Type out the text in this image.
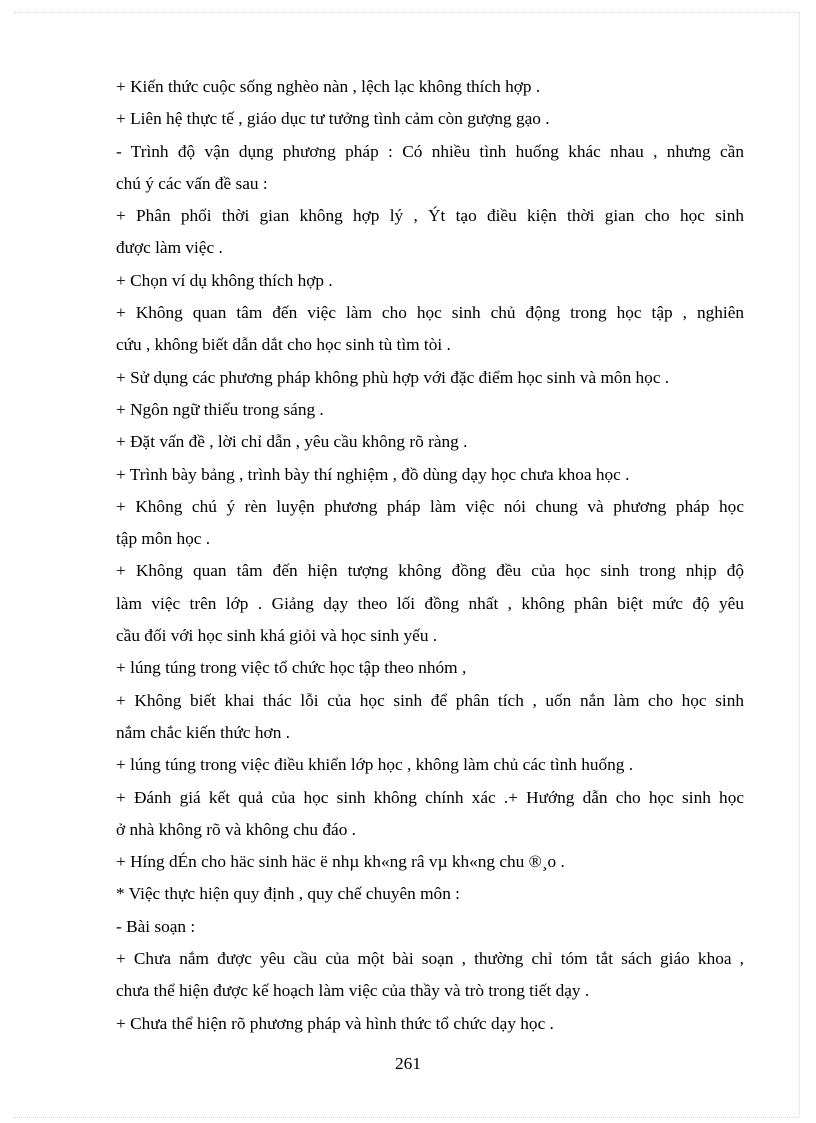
+ Kiến thức cuộc sống nghèo nàn , lệch lạc không thích hợp .
+ Liên hệ thực tế , giáo dục tư tưởng tình cảm còn gượng gạo .
- Trình độ vận dụng phương pháp : Có nhiều tình huống khác nhau , nhưng cần
chú ý các vấn đề sau :
+ Phân phối thời gian không hợp lý , Ýt tạo điều kiện thời gian cho học sinh
được làm việc .
+ Chọn ví dụ không thích hợp .
+ Không quan tâm đến việc làm cho học sinh chủ động trong học tập , nghiên
cứu , không biết dẫn dắt cho học sinh tù tìm tòi .
+ Sử dụng các phương pháp không phù hợp với đặc điểm học sinh và môn học .
+ Ngôn ngữ thiếu trong sáng .
+ Đặt vấn đề , lời chỉ dẫn , yêu cầu không rõ ràng .
+ Trình bày bảng , trình bày thí nghiệm , đồ dùng dạy học chưa khoa học .
+ Không chú ý rèn luyện phương pháp làm việc nói chung và phương pháp học
tập môn học .
+ Không quan tâm đến hiện tượng không đồng đều của học sinh trong nhịp độ
làm việc trên lớp . Giảng dạy theo lối đồng nhất , không phân biệt mức độ yêu
cầu đối với học sinh khá giỏi và học sinh yếu .
+ lúng túng trong việc tổ chức học tập theo nhóm ,
+ Không biết khai thác lỗi của học sinh để phân tích , uốn nắn làm cho học sinh
nắm chắc kiến thức hơn .
+ lúng túng trong việc điều khiển lớp học , không làm chủ các tình huống .
+ Đánh giá kết quả của học sinh không chính xác .+ Hướng dẫn cho học sinh học
ở nhà không rõ và không chu đáo .
+ Híng dÉn cho häc sinh häc ë nhµ kh«ng râ vµ kh«ng chu ®¸o .
* Việc thực hiện quy định , quy chế chuyên môn :
- Bài soạn :
+ Chưa nắm được yêu cầu của một bài soạn , thường chỉ tóm tắt sách giáo khoa ,
chưa thể hiện được kế hoạch làm việc của thầy và trò trong tiết dạy .
+ Chưa thể hiện rõ phương pháp và hình thức tổ chức dạy học .
261
